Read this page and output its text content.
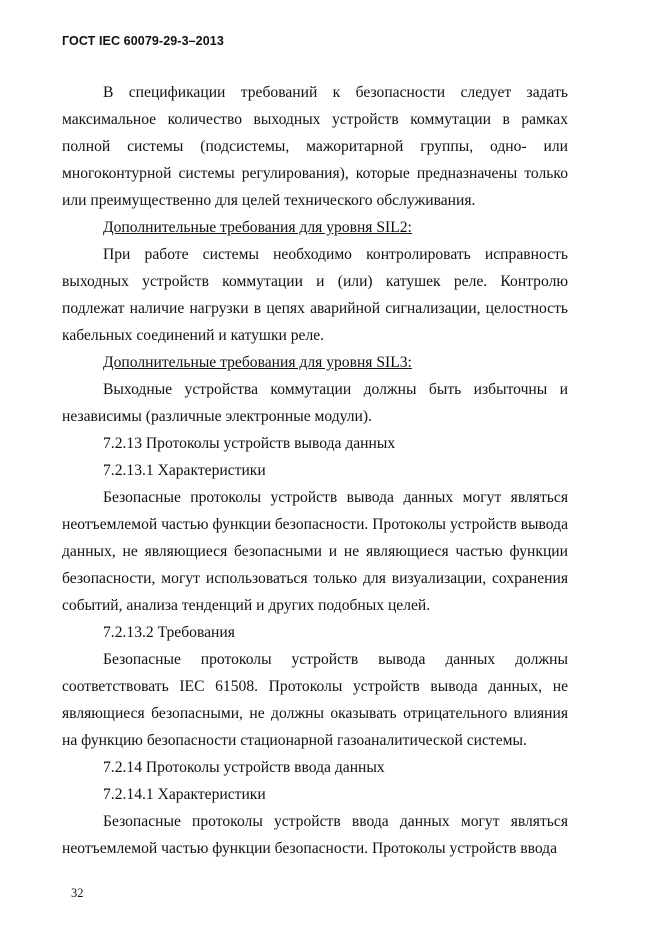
ГОСТ IEC 60079-29-3–2013

В спецификации требований к безопасности следует задать максимальное количество выходных устройств коммутации в рамках полной системы (подсистемы, мажоритарной группы, одно- или многоконтурной системы регулирования), которые предназначены только или преимущественно для целей технического обслуживания.

Дополнительные требования для уровня SIL2:

При работе системы необходимо контролировать исправность выходных устройств коммутации и (или) катушек реле. Контролю подлежат наличие нагрузки в цепях аварийной сигнализации, целостность кабельных соединений и катушки реле.

Дополнительные требования для уровня SIL3:

Выходные устройства коммутации должны быть избыточны и независимы (различные электронные модули).

7.2.13 Протоколы устройств вывода данных

7.2.13.1 Характеристики

Безопасные протоколы устройств вывода данных могут являться неотъемлемой частью функции безопасности. Протоколы устройств вывода данных, не являющиеся безопасными и не являющиеся частью функции безопасности, могут использоваться только для визуализации, сохранения событий, анализа тенденций и других подобных целей.

7.2.13.2 Требования

Безопасные протоколы устройств вывода данных должны соответствовать IEC 61508. Протоколы устройств вывода данных, не являющиеся безопасными, не должны оказывать отрицательного влияния на функцию безопасности стационарной газоаналитической системы.

7.2.14 Протоколы устройств ввода данных

7.2.14.1 Характеристики

Безопасные протоколы устройств ввода данных могут являться неотъемлемой частью функции безопасности. Протоколы устройств ввода

32
